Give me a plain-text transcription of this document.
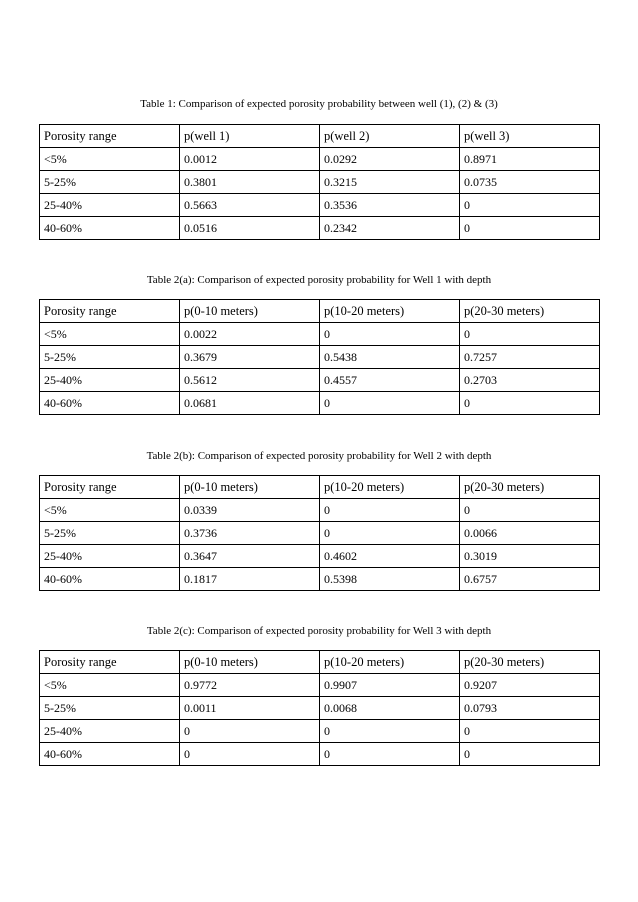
Table 1: Comparison of expected porosity probability between well (1), (2) & (3)
Porosity range	p(well 1)	p(well 2)	p(well 3)
<5%	0.0012	0.0292	0.8971
5-25%	0.3801	0.3215	0.0735
25-40%	0.5663	0.3536	0
40-60%	0.0516	0.2342	0
Table 2(a): Comparison of expected porosity probability for Well 1 with depth
Porosity range	p(0-10 meters)	p(10-20 meters)	p(20-30 meters)
<5%	0.0022	0	0
5-25%	0.3679	0.5438	0.7257
25-40%	0.5612	0.4557	0.2703
40-60%	0.0681	0	0
Table 2(b): Comparison of expected porosity probability for Well 2 with depth
Porosity range	p(0-10 meters)	p(10-20 meters)	p(20-30 meters)
<5%	0.0339	0	0
5-25%	0.3736	0	0.0066
25-40%	0.3647	0.4602	0.3019
40-60%	0.1817	0.5398	0.6757
Table 2(c): Comparison of expected porosity probability for Well 3 with depth
Porosity range	p(0-10 meters)	p(10-20 meters)	p(20-30 meters)
<5%	0.9772	0.9907	0.9207
5-25%	0.0011	0.0068	0.0793
25-40%	0	0	0
40-60%	0	0	0
